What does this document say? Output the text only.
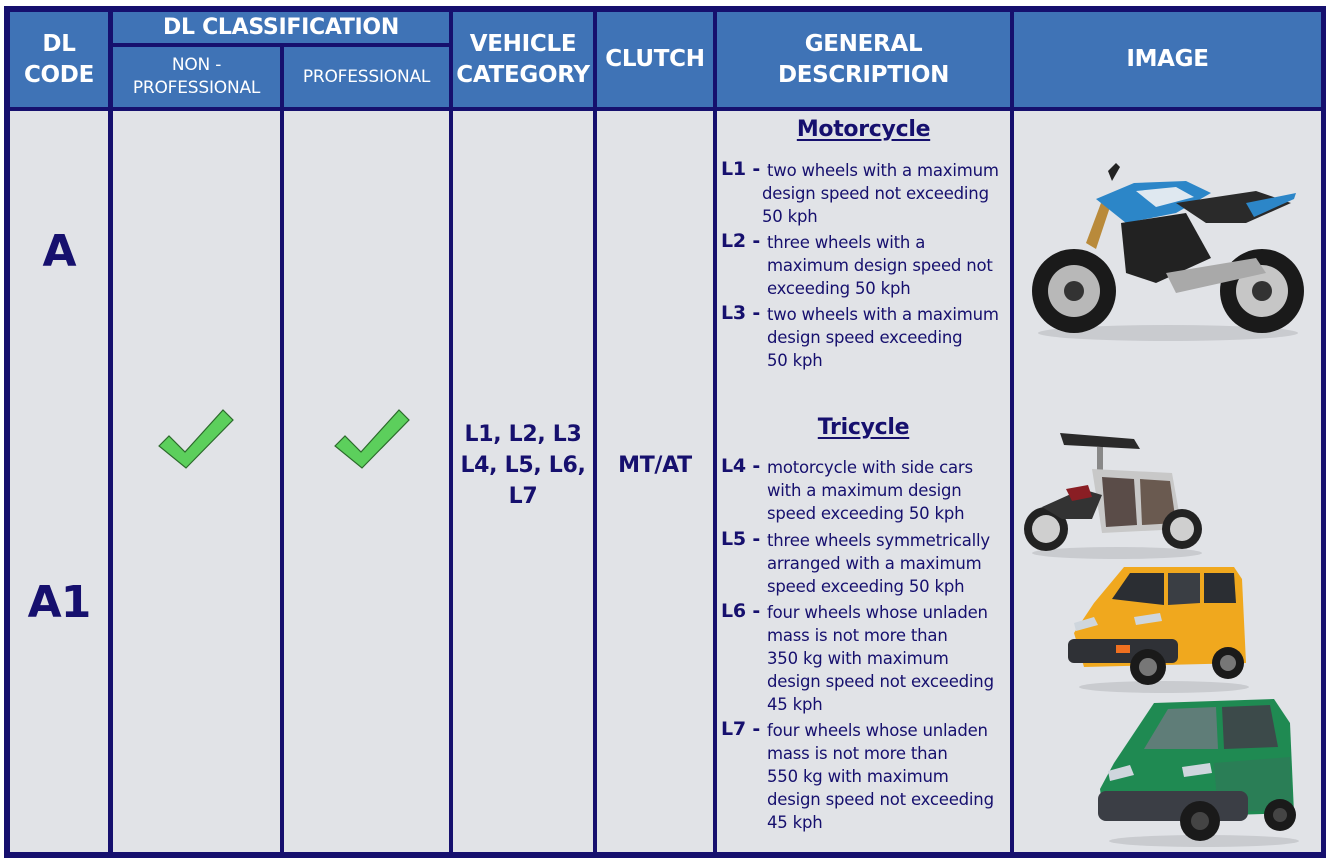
DL
CODE
DL CLASSIFICATION
NON -
PROFESSIONAL
PROFESSIONAL
VEHICLE
CATEGORY
CLUTCH
GENERAL
DESCRIPTION
IMAGE
A
A1
L1, L2, L3
L4, L5, L6,
L7
MT/AT
Motorcycle
L1 - two wheels with a maximum
design speed not exceeding
50 kph
L2 - three wheels with a
maximum design speed not
exceeding 50 kph
L3 - two wheels with a maximum
design speed exceeding
50 kph
Tricycle
L4 - motorcycle with side cars
with a maximum design
speed exceeding 50 kph
L5 - three wheels symmetrically
arranged with a maximum
speed exceeding 50 kph
L6 - four wheels whose unladen
mass is not more than
350 kg with maximum
design speed not exceeding
45 kph
L7 - four wheels whose unladen
mass is not more than
550 kg with maximum
design speed not exceeding
45 kph
